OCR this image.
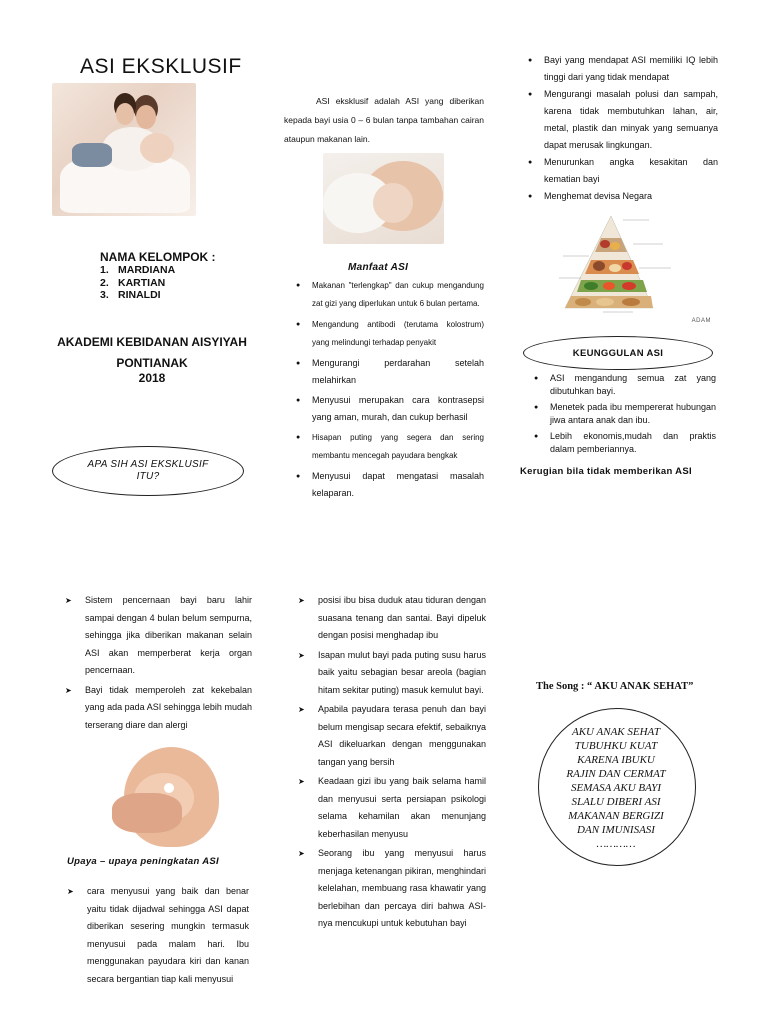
ASI EKSKLUSIF
NAMA KELOMPOK :
1. MARDIANA
2. KARTIAN
3. RINALDI
AKADEMI KEBIDANAN AISYIYAH
PONTIANAK
2018
APA SIH ASI EKSKLUSIF
ITU?
ASI eksklusif adalah ASI yang diberikan kepada bayi usia 0 – 6 bulan tanpa tambahan cairan ataupun makanan lain.
Manfaat ASI
● Makanan "terlengkap" dan cukup mengandung zat gizi yang diperlukan untuk 6 bulan pertama.
● Mengandung antibodi (terutama kolostrum) yang melindungi terhadap penyakit
● Mengurangi perdarahan setelah melahirkan
● Menyusui merupakan cara kontrasepsi yang aman, murah, dan cukup berhasil
● Hisapan puting yang segera dan sering membantu mencegah payudara bengkak
● Menyusui dapat mengatasi masalah kelaparan.
● Bayi yang mendapat ASI memiliki IQ lebih tinggi dari yang tidak mendapat
● Mengurangi masalah polusi dan sampah, karena tidak membutuhkan lahan, air, metal, plastik dan minyak yang semuanya dapat merusak lingkungan.
● Menurunkan angka kesakitan dan kematian bayi
● Menghemat devisa Negara
ADAM
KEUNGGULAN ASI
● ASI mengandung semua zat yang dibutuhkan bayi.
● Menetek pada ibu mempererat hubungan jiwa antara anak dan ibu.
● Lebih ekonomis,mudah dan praktis dalam pemberiannya.
Kerugian bila tidak memberikan ASI
➤ Sistem pencernaan bayi baru lahir sampai dengan 4 bulan belum sempurna, sehingga jika diberikan makanan selain ASI akan memperberat kerja organ pencernaan.
➤ Bayi tidak memperoleh zat kekebalan yang ada pada ASI sehingga lebih mudah terserang diare dan alergi
Upaya – upaya peningkatan ASI
➤ cara menyusui yang baik dan benar yaitu tidak dijadwal sehingga ASI dapat diberikan sesering mungkin termasuk menyusui pada malam hari. Ibu menggunakan payudara kiri dan kanan secara bergantian tiap kali menyusui
➤ posisi ibu bisa duduk atau tiduran dengan suasana tenang dan santai. Bayi dipeluk dengan posisi menghadap ibu
➤ Isapan mulut bayi pada puting susu harus baik yaitu sebagian besar areola (bagian hitam sekitar puting) masuk kemulut bayi.
➤ Apabila payudara terasa penuh dan bayi belum mengisap secara efektif, sebaiknya ASI dikeluarkan dengan menggunakan tangan yang bersih
➤ Keadaan gizi ibu yang baik selama hamil dan menyusui serta persiapan psikologi selama kehamilan akan menunjang keberhasilan menyusu
➤ Seorang ibu yang menyusui harus menjaga ketenangan pikiran, menghindari kelelahan, membuang rasa khawatir yang berlebihan dan percaya diri bahwa ASI-nya mencukupi untuk kebutuhan bayi
The Song : “ AKU ANAK SEHAT”
AKU ANAK SEHAT
TUBUHKU KUAT
KARENA IBUKU
RAJIN DAN CERMAT
SEMASA AKU BAYI
SLALU DIBERI ASI
MAKANAN BERGIZI
DAN IMUNISASI
…………
